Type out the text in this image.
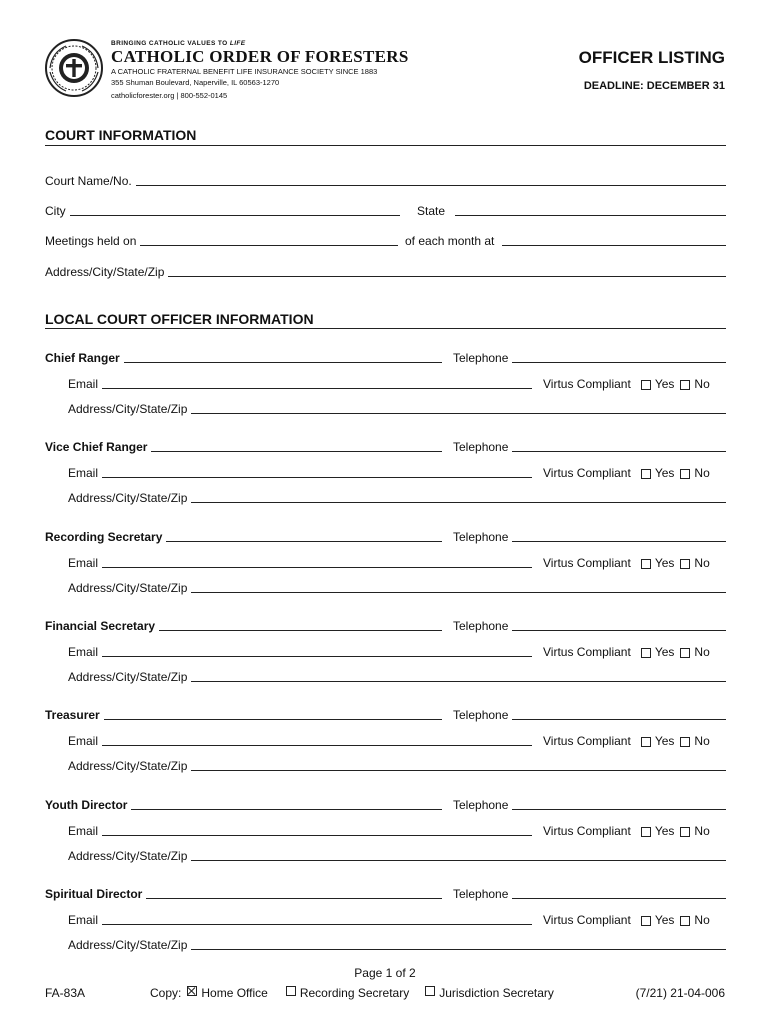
BRINGING CATHOLIC VALUES TO LIFE
CATHOLIC ORDER OF FORESTERS
A CATHOLIC FRATERNAL BENEFIT LIFE INSURANCE SOCIETY SINCE 1883
355 Shuman Boulevard, Naperville, IL 60563-1270
catholicforester.org | 800-552-0145
OFFICER LISTING
DEADLINE: DECEMBER 31
COURT INFORMATION
Court Name/No.
City	State
Meetings held on	of each month at
Address/City/State/Zip
LOCAL COURT OFFICER INFORMATION
Chief Ranger	Telephone
Email	Virtus Compliant Yes No
Address/City/State/Zip
Vice Chief Ranger	Telephone
Email	Virtus Compliant Yes No
Address/City/State/Zip
Recording Secretary	Telephone
Email	Virtus Compliant Yes No
Address/City/State/Zip
Financial Secretary	Telephone
Email	Virtus Compliant Yes No
Address/City/State/Zip
Treasurer	Telephone
Email	Virtus Compliant Yes No
Address/City/State/Zip
Youth Director	Telephone
Email	Virtus Compliant Yes No
Address/City/State/Zip
Spiritual Director	Telephone
Email	Virtus Compliant Yes No
Address/City/State/Zip
Page 1 of 2
FA-83A	Copy: Home Office	Recording Secretary	Jurisdiction Secretary	(7/21) 21-04-006
